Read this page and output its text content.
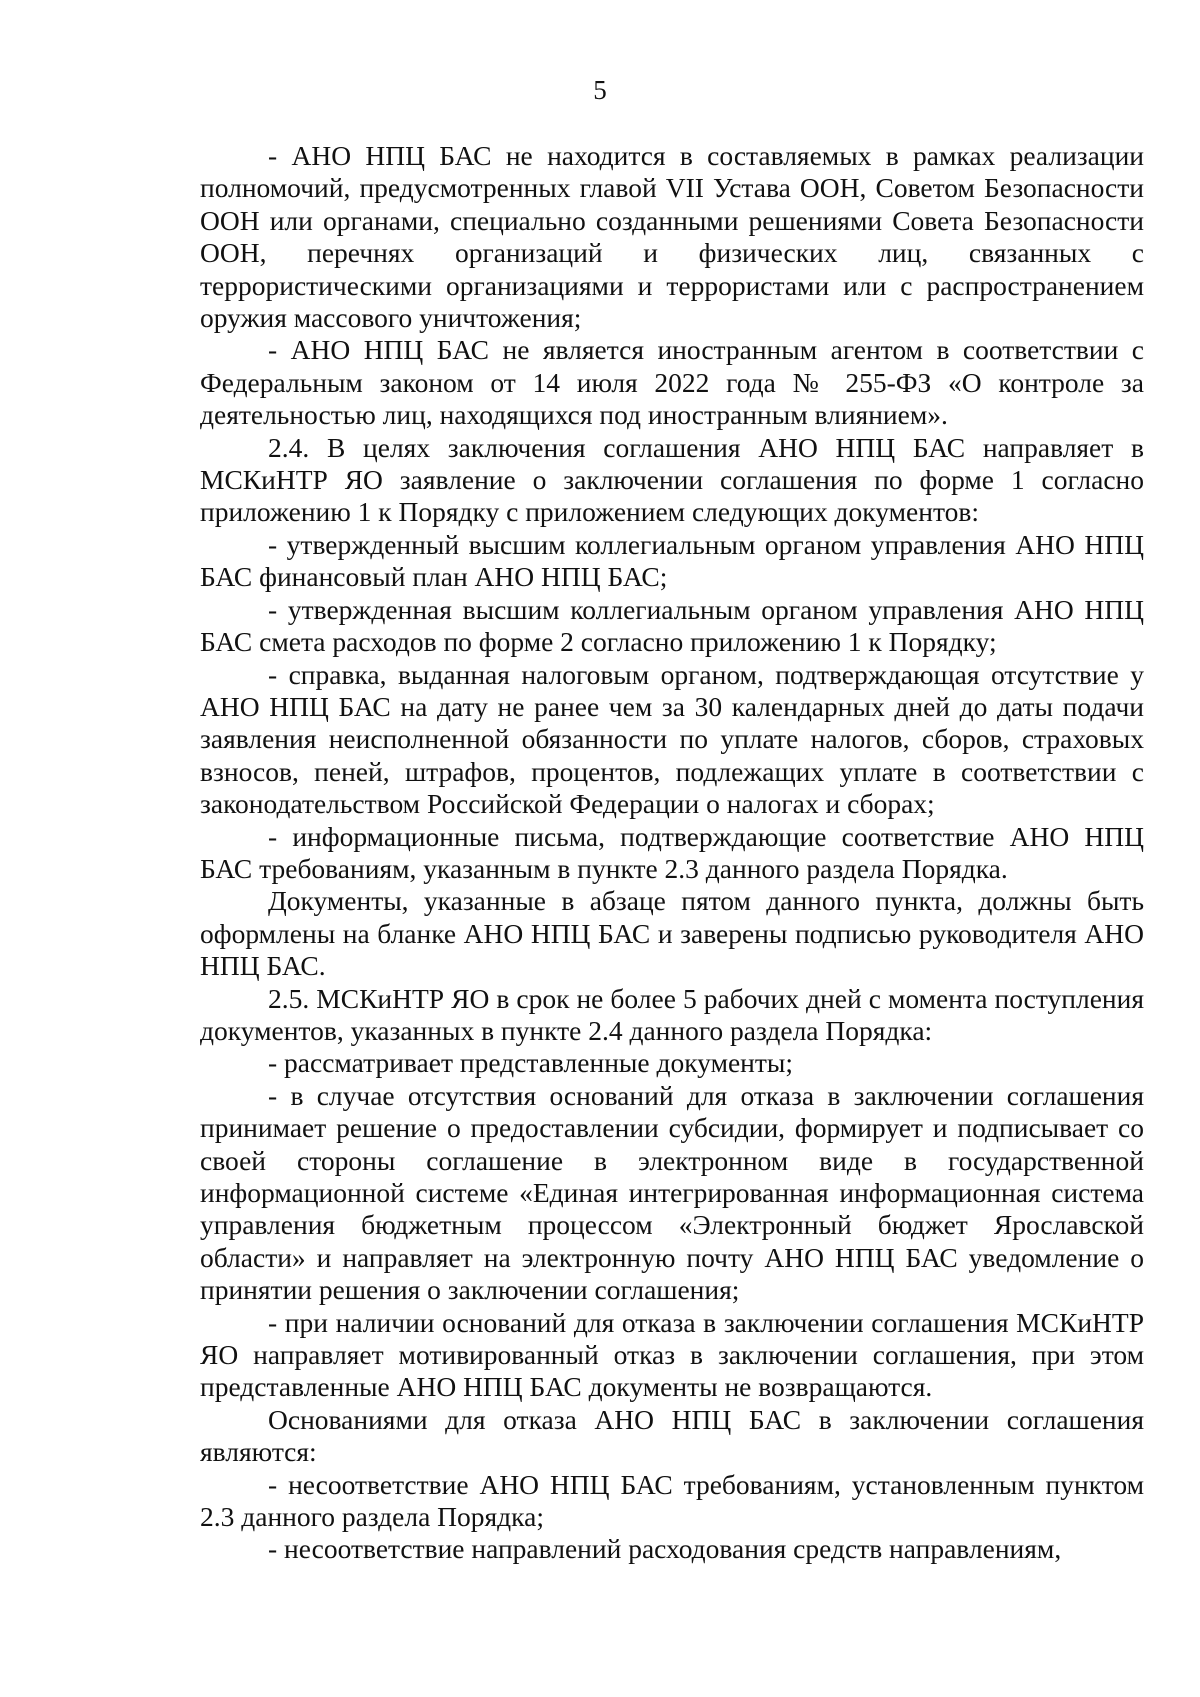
5

- АНО НПЦ БАС не находится в составляемых в рамках реализации полномочий, предусмотренных главой VII Устава ООН, Советом Безопасности ООН или органами, специально созданными решениями Совета Безопасности ООН, перечнях организаций и физических лиц, связанных с террористическими организациями и террористами или с распространением оружия массового уничтожения;

- АНО НПЦ БАС не является иностранным агентом в соответствии с Федеральным законом от 14 июля 2022 года № 255-ФЗ «О контроле за деятельностью лиц, находящихся под иностранным влиянием».

2.4. В целях заключения соглашения АНО НПЦ БАС направляет в МСКиНТР ЯО заявление о заключении соглашения по форме 1 согласно приложению 1 к Порядку с приложением следующих документов:

- утвержденный высшим коллегиальным органом управления АНО НПЦ БАС финансовый план АНО НПЦ БАС;

- утвержденная высшим коллегиальным органом управления АНО НПЦ БАС смета расходов по форме 2 согласно приложению 1 к Порядку;

- справка, выданная налоговым органом, подтверждающая отсутствие у АНО НПЦ БАС на дату не ранее чем за 30 календарных дней до даты подачи заявления неисполненной обязанности по уплате налогов, сборов, страховых взносов, пеней, штрафов, процентов, подлежащих уплате в соответствии с законодательством Российской Федерации о налогах и сборах;

- информационные письма, подтверждающие соответствие АНО НПЦ БАС требованиям, указанным в пункте 2.3 данного раздела Порядка.

Документы, указанные в абзаце пятом данного пункта, должны быть оформлены на бланке АНО НПЦ БАС и заверены подписью руководителя АНО НПЦ БАС.

2.5. МСКиНТР ЯО в срок не более 5 рабочих дней с момента поступления документов, указанных в пункте 2.4 данного раздела Порядка:

- рассматривает представленные документы;

- в случае отсутствия оснований для отказа в заключении соглашения принимает решение о предоставлении субсидии, формирует и подписывает со своей стороны соглашение в электронном виде в государственной информационной системе «Единая интегрированная информационная система управления бюджетным процессом «Электронный бюджет Ярославской области» и направляет на электронную почту АНО НПЦ БАС уведомление о принятии решения о заключении соглашения;

- при наличии оснований для отказа в заключении соглашения МСКиНТР ЯО направляет мотивированный отказ в заключении соглашения, при этом представленные АНО НПЦ БАС документы не возвращаются.

Основаниями для отказа АНО НПЦ БАС в заключении соглашения являются:

- несоответствие АНО НПЦ БАС требованиям, установленным пунктом 2.3 данного раздела Порядка;

- несоответствие направлений расходования средств направлениям,
